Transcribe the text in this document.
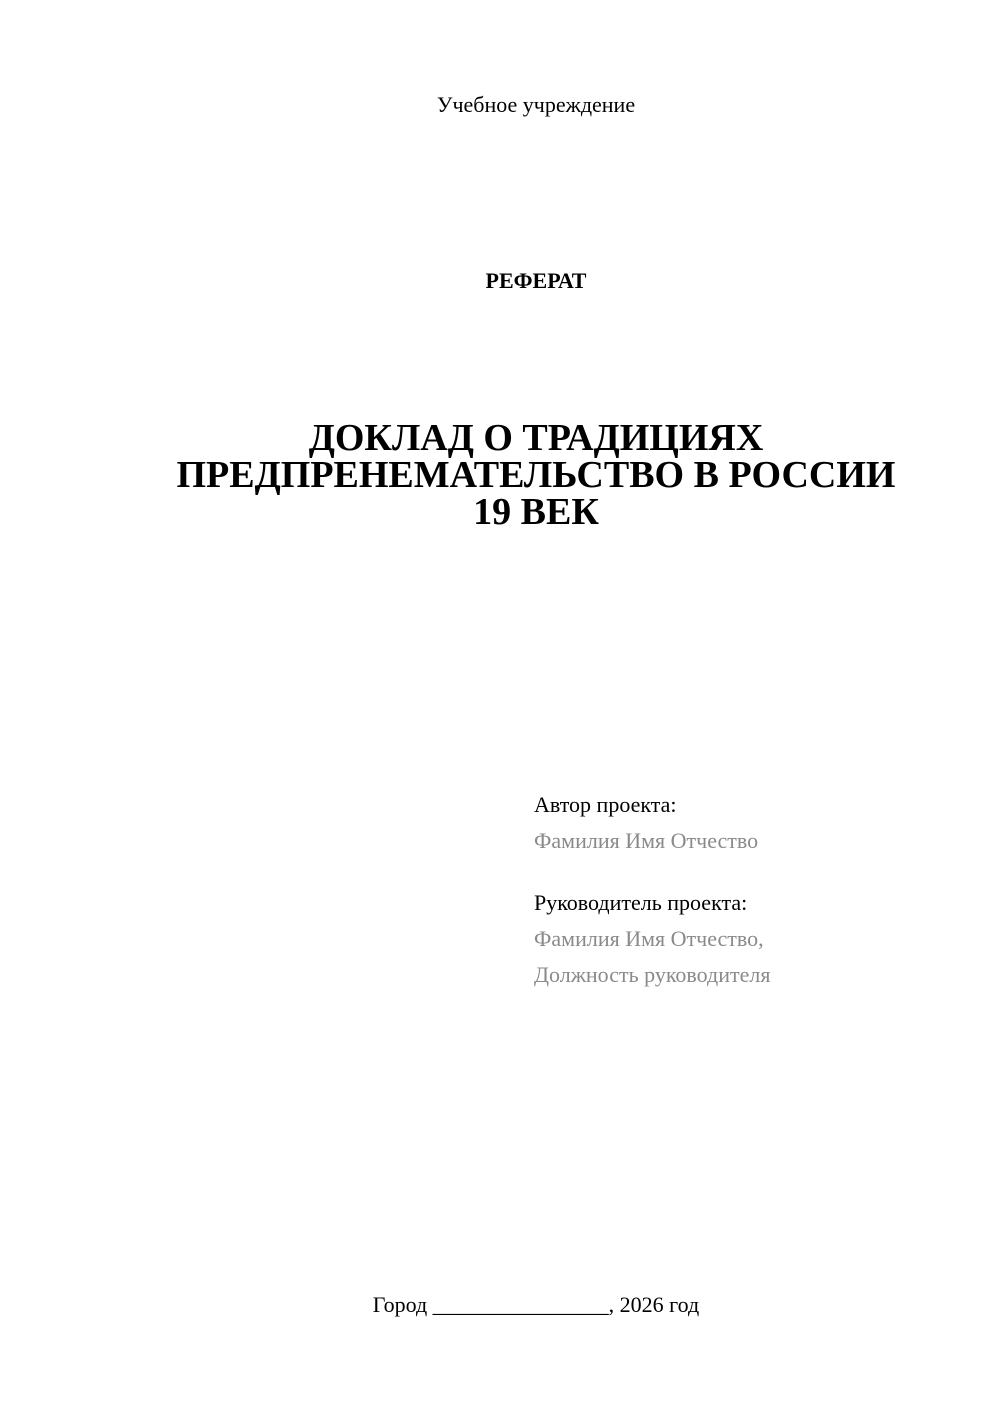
Учебное учреждение
РЕФЕРАТ
ДОКЛАД О ТРАДИЦИЯХ
ПРЕДПРЕНЕМАТЕЛЬСТВО В РОССИИ
19 ВЕК
Автор проекта:
Фамилия Имя Отчество
Руководитель проекта:
Фамилия Имя Отчество,
Должность руководителя
Город ________________, 2026 год
